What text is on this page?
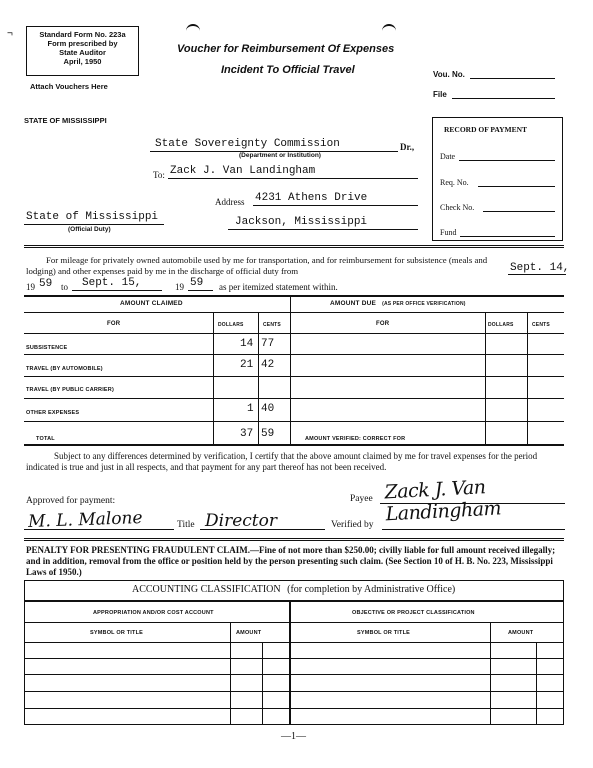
¬	Standard Form No. 223a
Form prescribed by
State Auditor
April, 1950
Attach Vouchers Here
Voucher for Reimbursement Of Expenses
Incident To Official Travel	Vou. No.
File
STATE OF MISSISSIPPI
State Sovereignty Commission	Dr.,
(Department or Institution)
To: Zack J. Van Landingham
Address 4231 Athens Drive
State of Mississippi
(Official Duty)
Jackson, Mississippi
RECORD OF PAYMENT
Date
Req. No.
Check No.
Fund
For mileage for privately owned automobile used by me for transportation, and for reimbursement for subsistence (meals and lodging) and other expenses paid by me in the discharge of official duty from	Sept. 14,
19 59 to Sept. 15,	19 59 as per itemized statement within.
AMOUNT CLAIMED	AMOUNT DUE (AS PER OFFICE VERIFICATION)
FOR	DOLLARS	CENTS	FOR	DOLLARS	CENTS
SUBSISTENCE	14 77
TRAVEL (BY AUTOMOBILE)	21 42
TRAVEL (BY PUBLIC CARRIER)
OTHER EXPENSES	1 40
TOTAL	37 59	AMOUNT VERIFIED: CORRECT FOR
Subject to any differences determined by verification, I certify that the above amount claimed by me for travel expenses for the period indicated is true and just in all respects, and that payment for any part thereof has not been received.
Approved for payment:	Payee Zack J. Van Landingham
M. L. Malone	Title Director	Verified by
PENALTY FOR PRESENTING FRAUDULENT CLAIM.—Fine of not more than $250.00; civilly liable for full amount received illegally; and in addition, removal from the office or position held by the person presenting such claim. (See Section 10 of H. B. No. 223, Mississippi Laws of 1950.)
ACCOUNTING CLASSIFICATION (for completion by Administrative Office)
APPROPRIATION AND/OR COST ACCOUNT	OBJECTIVE OR PROJECT CLASSIFICATION
SYMBOL OR TITLE	AMOUNT	SYMBOL OR TITLE	AMOUNT
—1—
